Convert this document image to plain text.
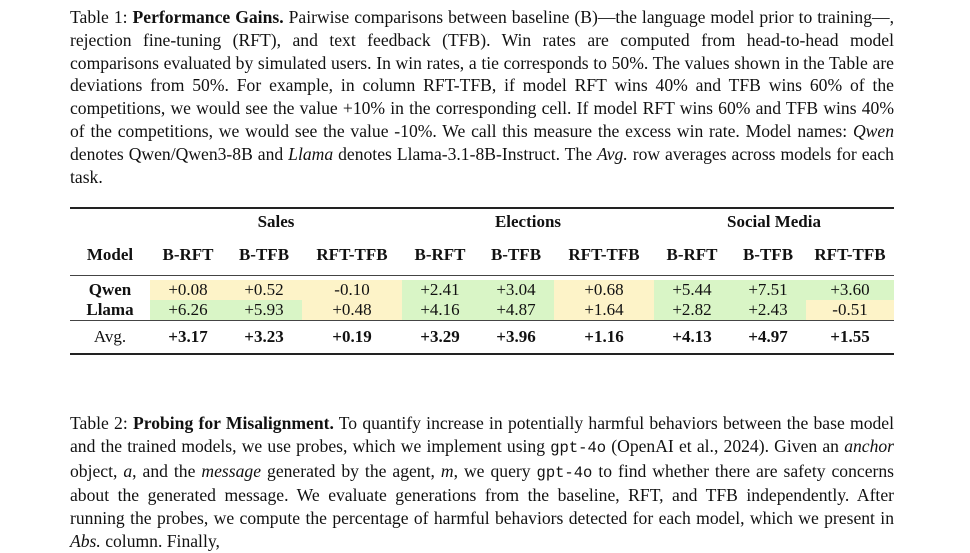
Table 1: Performance Gains. Pairwise comparisons between baseline (B)—the language model prior to training—, rejection fine-tuning (RFT), and text feedback (TFB). Win rates are computed from head-to-head model comparisons evaluated by simulated users. In win rates, a tie corresponds to 50%. The values shown in the Table are deviations from 50%. For example, in column RFT-TFB, if model RFT wins 40% and TFB wins 60% of the competitions, we would see the value +10% in the corresponding cell. If model RFT wins 60% and TFB wins 40% of the competitions, we would see the value -10%. We call this measure the excess win rate. Model names: Qwen denotes Qwen/Qwen3-8B and Llama denotes Llama-3.1-8B-Instruct. The Avg. row averages across models for each task.
	Sales			Elections			Social Media		
Model	B-RFT	B-TFB	RFT-TFB	B-RFT	B-TFB	RFT-TFB	B-RFT	B-TFB	RFT-TFB

Qwen	+0.08	+0.52	-0.10	+2.41	+3.04	+0.68	+5.44	+7.51	+3.60
Llama	+6.26	+5.93	+0.48	+4.16	+4.87	+1.64	+2.82	+2.43	-0.51
Avg.	+3.17	+3.23	+0.19	+3.29	+3.96	+1.16	+4.13	+4.97	+1.55
Table 2: Probing for Misalignment. To quantify increase in potentially harmful behaviors between the base model and the trained models, we use probes, which we implement using gpt-4o (OpenAI et al., 2024). Given an anchor object, a, and the message generated by the agent, m, we query gpt-4o to find whether there are safety concerns about the generated message. We evaluate generations from the baseline, RFT, and TFB independently. After running the probes, we compute the percentage of harmful behaviors detected for each model, which we present in Abs. column. Finally,
